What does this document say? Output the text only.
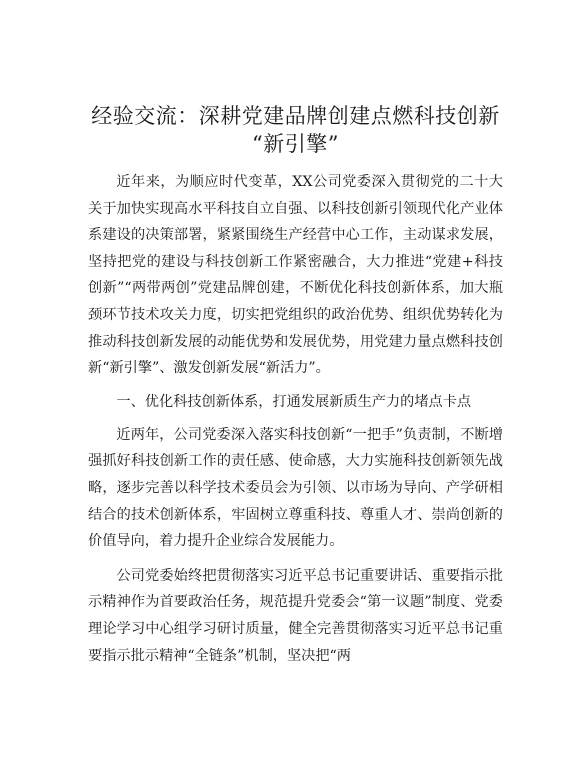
经验交流：深耕党建品牌创建点燃科技创新
“新引擎”

近年来，为顺应时代变革，XX公司党委深入贯彻党的二十大关于加快实现高水平科技自立自强、以科技创新引领现代化产业体系建设的决策部署，紧紧围绕生产经营中心工作，主动谋求发展，坚持把党的建设与科技创新工作紧密融合，大力推进“党建+科技创新”“两带两创”党建品牌创建，不断优化科技创新体系，加大瓶颈环节技术攻关力度，切实把党组织的政治优势、组织优势转化为推动科技创新发展的动能优势和发展优势，用党建力量点燃科技创新“新引擎”、激发创新发展“新活力”。

一、优化科技创新体系，打通发展新质生产力的堵点卡点

近两年，公司党委深入落实科技创新“一把手”负责制，不断增强抓好科技创新工作的责任感、使命感，大力实施科技创新领先战略，逐步完善以科学技术委员会为引领、以市场为导向、产学研相结合的技术创新体系，牢固树立尊重科技、尊重人才、崇尚创新的价值导向，着力提升企业综合发展能力。

公司党委始终把贯彻落实习近平总书记重要讲话、重要指示批示精神作为首要政治任务，规范提升党委会“第一议题”制度、党委理论学习中心组学习研讨质量，健全完善贯彻落实习近平总书记重要指示批示精神“全链条”机制，坚决把“两
